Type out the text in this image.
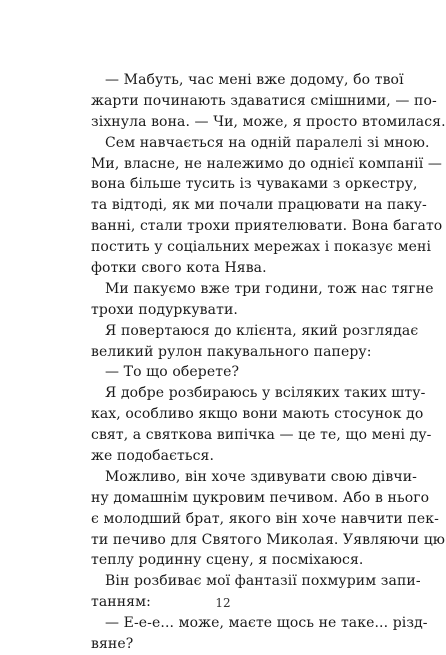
— Мабуть, час мені вже додому, бо твої
жарти починають здаватися смішними, — по-
зіхнула вона. — Чи, може, я просто втомилася.
Сем навчається на одній паралелі зі мною.
Ми, власне, не належимо до однієї компанії —
вона більше тусить із чуваками з оркестру,
та відтоді, як ми почали працювати на паку-
ванні, стали трохи приятелювати. Вона багато
постить у соціальних мережах і показує мені
фотки свого кота Нява.
Ми пакуємо вже три години, тож нас тягне
трохи подуркувати.
Я повертаюся до клієнта, який розглядає
великий рулон пакувального паперу:
— То що оберете?
Я добре розбираюсь у всіляких таких шту-
ках, особливо якщо вони мають стосунок до
свят, а святкова випічка — це те, що мені ду-
же подобається.
Можливо, він хоче здивувати свою дівчи-
ну домашнім цукровим печивом. Або в нього
є молодший брат, якого він хоче навчити пек-
ти печиво для Святого Миколая. Уявляючи цю
теплу родинну сцену, я посміхаюся.
Він розбиває мої фантазії похмурим запи-
танням:
— Е-е-е... може, маєте щось не таке... різд-
вяне?
12
